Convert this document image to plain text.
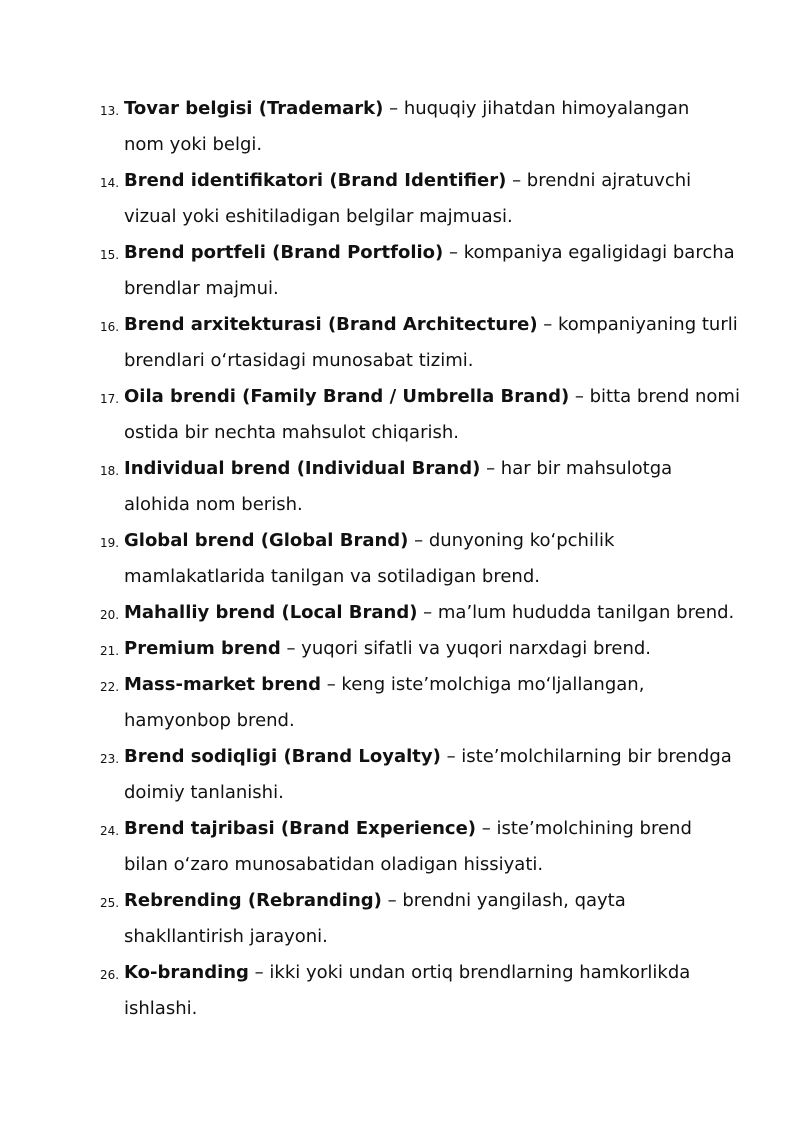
13. Tovar belgisi (Trademark) – huquqiy jihatdan himoyalangan
nom yoki belgi.
14. Brend identifikatori (Brand Identifier) – brendni ajratuvchi
vizual yoki eshitiladigan belgilar majmuasi.
15. Brend portfeli (Brand Portfolio) – kompaniya egaligidagi barcha
brendlar majmui.
16. Brend arxitekturasi (Brand Architecture) – kompaniyaning turli
brendlari o‘rtasidagi munosabat tizimi.
17. Oila brendi (Family Brand / Umbrella Brand) – bitta brend nomi
ostida bir nechta mahsulot chiqarish.
18. Individual brend (Individual Brand) – har bir mahsulotga
alohida nom berish.
19. Global brend (Global Brand) – dunyoning ko‘pchilik
mamlakatlarida tanilgan va sotiladigan brend.
20. Mahalliy brend (Local Brand) – ma’lum hududda tanilgan brend.
21. Premium brend – yuqori sifatli va yuqori narxdagi brend.
22. Mass-market brend – keng iste’molchiga mo‘ljallangan,
hamyonbop brend.
23. Brend sodiqligi (Brand Loyalty) – iste’molchilarning bir brendga
doimiy tanlanishi.
24. Brend tajribasi (Brand Experience) – iste’molchining brend
bilan o‘zaro munosabatidan oladigan hissiyati.
25. Rebrending (Rebranding) – brendni yangilash, qayta
shakllantirish jarayoni.
26. Ko-branding – ikki yoki undan ortiq brendlarning hamkorlikda
ishlashi.
